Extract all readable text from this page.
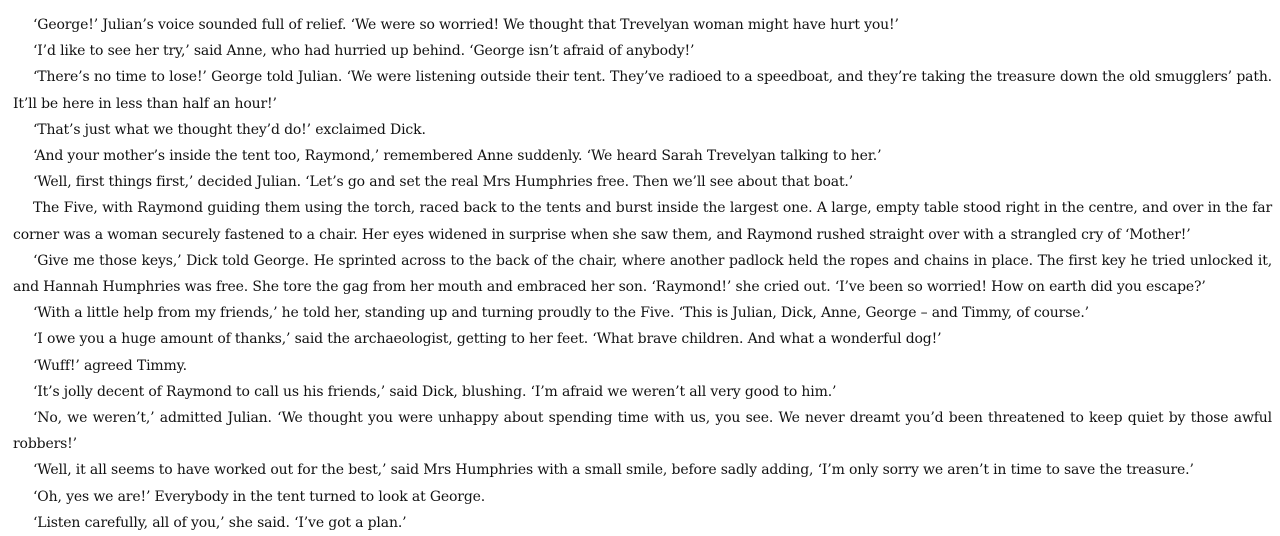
‘George!’ Julian’s voice sounded full of relief. ‘We were so worried! We thought that Trevelyan woman might have hurt you!’

‘I’d like to see her try,’ said Anne, who had hurried up behind. ‘George isn’t afraid of anybody!’

‘There’s no time to lose!’ George told Julian. ‘We were listening outside their tent. They’ve radioed to a speedboat, and they’re taking the treasure down the old smugglers’ path. It’ll be here in less than half an hour!’

‘That’s just what we thought they’d do!’ exclaimed Dick.

‘And your mother’s inside the tent too, Raymond,’ remembered Anne suddenly. ‘We heard Sarah Trevelyan talking to her.’

‘Well, first things first,’ decided Julian. ‘Let’s go and set the real Mrs Humphries free. Then we’ll see about that boat.’

The Five, with Raymond guiding them using the torch, raced back to the tents and burst inside the largest one. A large, empty table stood right in the centre, and over in the far corner was a woman securely fastened to a chair. Her eyes widened in surprise when she saw them, and Raymond rushed straight over with a strangled cry of ‘Mother!’

‘Give me those keys,’ Dick told George. He sprinted across to the back of the chair, where another padlock held the ropes and chains in place. The first key he tried unlocked it, and Hannah Humphries was free. She tore the gag from her mouth and embraced her son. ‘Raymond!’ she cried out. ‘I’ve been so worried! How on earth did you escape?’

‘With a little help from my friends,’ he told her, standing up and turning proudly to the Five. ‘This is Julian, Dick, Anne, George – and Timmy, of course.’

‘I owe you a huge amount of thanks,’ said the archaeologist, getting to her feet. ‘What brave children. And what a wonderful dog!’

‘Wuff!’ agreed Timmy.

‘It’s jolly decent of Raymond to call us his friends,’ said Dick, blushing. ‘I’m afraid we weren’t all very good to him.’

‘No, we weren’t,’ admitted Julian. ‘We thought you were unhappy about spending time with us, you see. We never dreamt you’d been threatened to keep quiet by those awful robbers!’

‘Well, it all seems to have worked out for the best,’ said Mrs Humphries with a small smile, before sadly adding, ‘I’m only sorry we aren’t in time to save the treasure.’

‘Oh, yes we are!’ Everybody in the tent turned to look at George.

‘Listen carefully, all of you,’ she said. ‘I’ve got a plan.’
